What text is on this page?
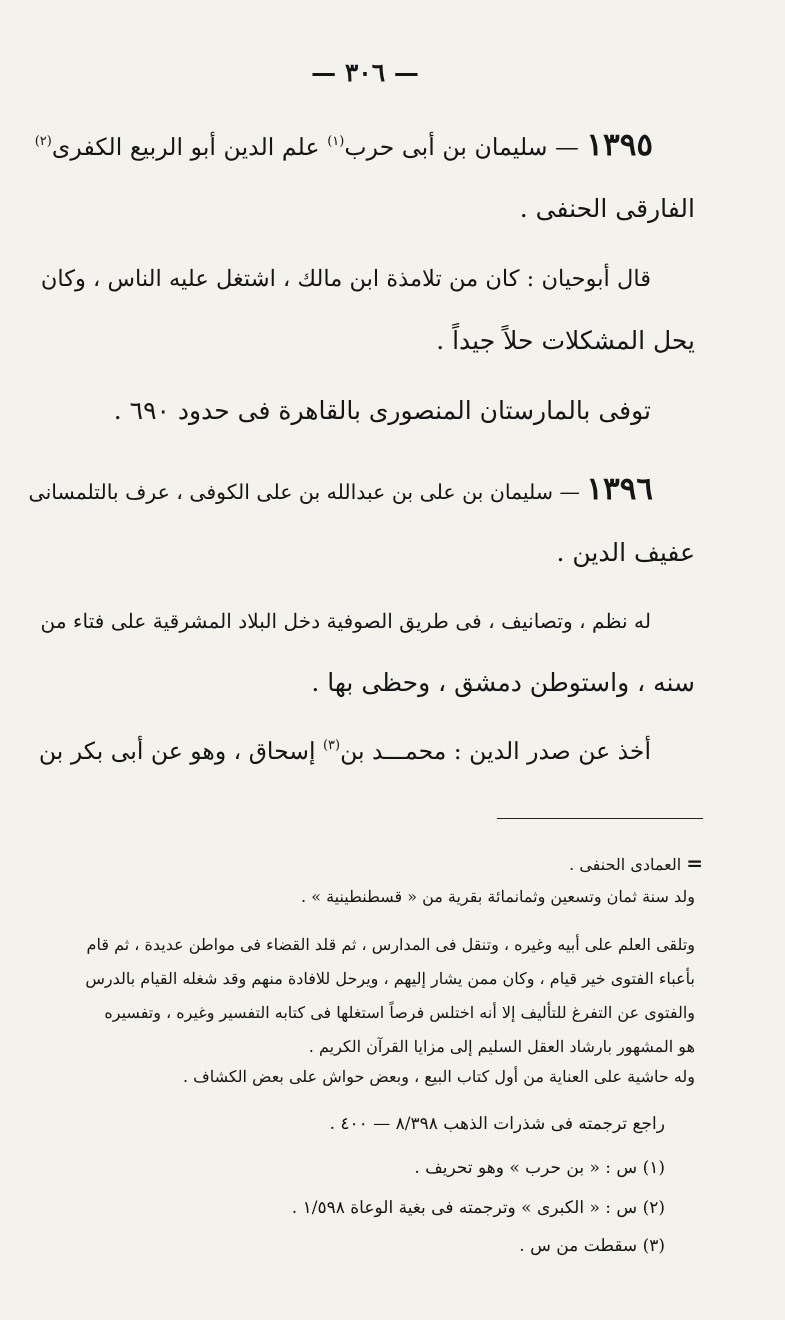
— ٣٠٦ —
١٣٩٥ — سليمان بن أبى حرب$^{(١)}$ علم الدين أبو الربيع الكفرى$^{(٢)}$
الفارقى الحنفى .
قال أبوحيان : كان من تلامذة ابن مالك ، اشتغل عليه الناس ، وكان
يحل المشكلات حلاً جيداً .
توفى بالمارستان المنصورى بالقاهرة فى حدود ٦٩٠ .
١٣٩٦ — سليمان بن على بن عبدالله بن على الكوفى ، عرف بالتلمسانى
عفيف الدين .
له نظم ، وتصانيف ، فى طريق الصوفية دخل البلاد المشرقية على فتاء من
سنه ، واستوطن دمشق ، وحظى بها .
أخذ عن صدر الدين : محمـــد بن$^{(٣)}$ إسحاق ، وهو عن أبى بكر بن
= العمادى الحنفى .
ولد سنة ثمان وتسعين وثمانمائة بقرية من « قسطنطينية » .
وتلقى العلم على أبيه وغيره ، وتنقل فى المدارس ، ثم قلد القضاء فى مواطن عديدة ، ثم قام
بأعباء الفتوى خير قيام ، وكان ممن يشار إليهم ، ويرحل للافادة منهم وقد شغله القيام بالدرس
والفتوى عن التفرغ للتأليف إلا أنه اختلس فرصاً استغلها فى كتابه التفسير وغيره ، وتفسيره
هو المشهور بارشاد العقل السليم إلى مزايا القرآن الكريم .
وله حاشية على العناية من أول كتاب البيع ، وبعض حواش على بعض الكشاف .
راجع ترجمته فى شذرات الذهب ٨/٣٩٨ — ٤٠٠ .
(١) س : « بن حرب » وهو تحريف .
(٢) س : « الكبرى » وترجمته فى بغية الوعاة ١/٥٩٨ .
(٣) سقطت من س .
